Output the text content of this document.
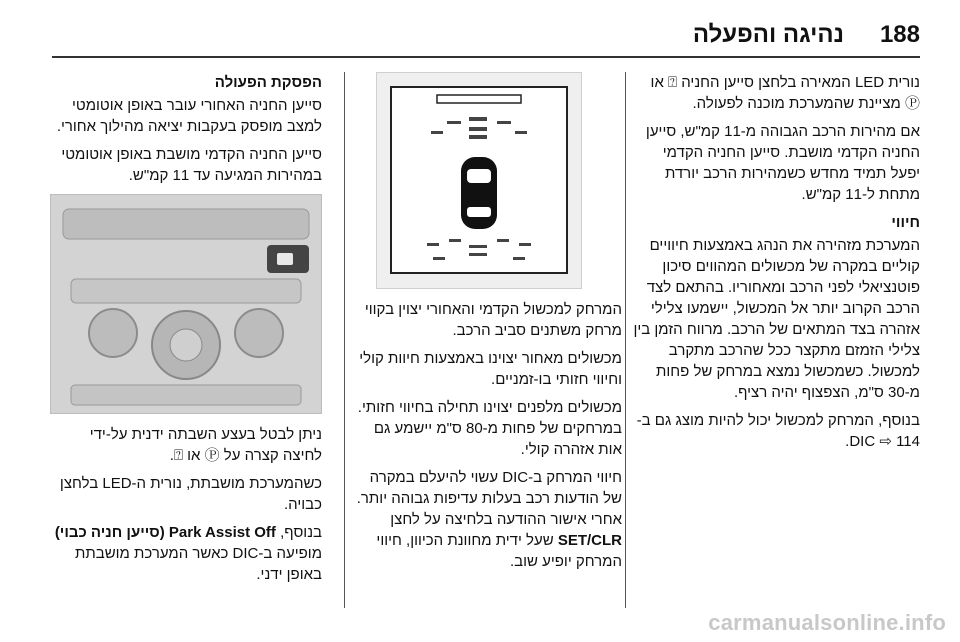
188
נהיגה והפעלה

נורית LED המאירה בלחצן סייען החניה ⍰ או Ⓟ מציינת שהמערכת מוכנה לפעולה.

אם מהירות הרכב הגבוהה מ-11 קמ"ש, סייען החניה הקדמי מושבת. סייען החניה הקדמי יפעל תמיד מחדש כשמהירות הרכב יורדת מתחת ל-11 קמ"ש.

חיווי

המערכת מזהירה את הנהג באמצעות חיוויים קוליים במקרה של מכשולים המהווים סיכון פוטנציאלי לפני הרכב ומאחוריו. בהתאם לצד הרכב הקרוב יותר אל המכשול, יישמעו צלילי אזהרה בצד המתאים של הרכב. מרווח הזמן בין צלילי הזמזם מתקצר ככל שהרכב מתקרב למכשול. כשמכשול נמצא במרחק של פחות מ-30 ס"מ, הצפצוף יהיה רציף.

בנוסף, המרחק למכשול יכול להיות מוצג גם ב-DIC ⇨ 114.

המרחק למכשול הקדמי והאחורי יצוין בקווי מרחק משתנים סביב הרכב.

מכשולים מאחור יצוינו באמצעות חיוות קולי וחיווי חזותי בו-זמניים.

מכשולים מלפנים יצוינו תחילה בחיווי חזותי. במרחקים של פחות מ-80 ס"מ יישמע גם אות אזהרה קולי.

חיווי המרחק ב-DIC עשוי להיעלם במקרה של הודעות רכב בעלות עדיפות גבוהה יותר. אחרי אישור ההודעה בלחיצה על לחצן SET/CLR שעל ידית מחוונת הכיוון, חיווי המרחק יופיע שוב.

הפסקת הפעולה

סייען החניה האחורי עובר באופן אוטומטי למצב מופסק בעקבות יציאה מהילוך אחורי.

סייען החניה הקדמי מושבת באופן אוטומטי במהירות המגיעה עד 11 קמ"ש.

ניתן לבטל בעצע השבתה ידנית על-ידי לחיצה קצרה על Ⓟ או ⍰.

כשהמערכת מושבתת, נורית ה-LED בלחצן כבויה.

בנוסף, Park Assist Off (סייען חניה כבוי) מופיעה ב-DIC כאשר המערכת מושבתת באופן ידני.

carmanualsonline.info
